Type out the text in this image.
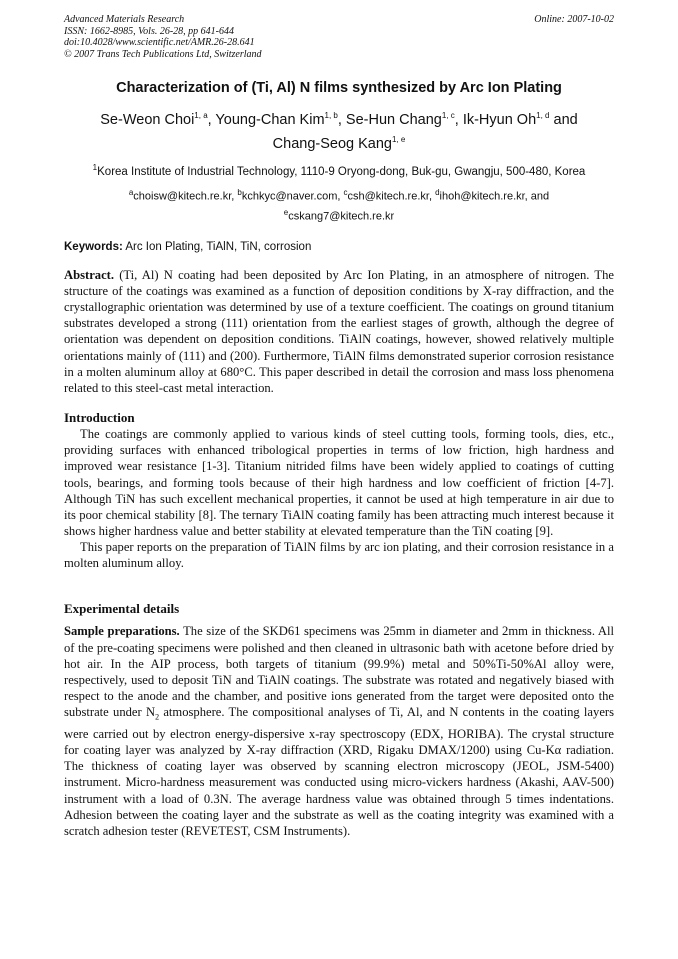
Advanced Materials Research
ISSN: 1662-8985, Vols. 26-28, pp 641-644
doi:10.4028/www.scientific.net/AMR.26-28.641
© 2007 Trans Tech Publications Ltd, Switzerland
Online: 2007-10-02
Characterization of (Ti, Al) N films synthesized by Arc Ion Plating
Se-Weon Choi$^{1, a}$, Young-Chan Kim$^{1, b}$, Se-Hun Chang$^{1, c}$, Ik-Hyun Oh$^{1, d}$ and
Chang-Seog Kang$^{1, e}$
$^1$Korea Institute of Industrial Technology, 1110-9 Oryong-dong, Buk-gu, Gwangju, 500-480, Korea
$^a$choisw@kitech.re.kr, $^b$kchkyc@naver.com, $^c$csh@kitech.re.kr, $^d$ihoh@kitech.re.kr, and
$^e$cskang7@kitech.re.kr
Keywords: Arc Ion Plating, TiAlN, TiN, corrosion
Abstract. (Ti, Al) N coating had been deposited by Arc Ion Plating, in an atmosphere of nitrogen. The structure of the coatings was examined as a function of deposition conditions by X-ray diffraction, and the crystallographic orientation was determined by use of a texture coefficient. The coatings on ground titanium substrates developed a strong (111) orientation from the earliest stages of growth, although the degree of orientation was dependent on deposition conditions. TiAlN coatings, however, showed relatively multiple orientations mainly of (111) and (200). Furthermore, TiAlN films demonstrated superior corrosion resistance in a molten aluminum alloy at 680°C. This paper described in detail the corrosion and mass loss phenomena related to this steel-cast metal interaction.
Introduction
The coatings are commonly applied to various kinds of steel cutting tools, forming tools, dies, etc., providing surfaces with enhanced tribological properties in terms of low friction, high hardness and improved wear resistance [1-3]. Titanium nitrided films have been widely applied to coatings of cutting tools, bearings, and forming tools because of their high hardness and low coefficient of friction [4-7]. Although TiN has such excellent mechanical properties, it cannot be used at high temperature in air due to its poor chemical stability [8]. The ternary TiAlN coating family has been attracting much interest because it shows higher hardness value and better stability at elevated temperature than the TiN coating [9].
This paper reports on the preparation of TiAlN films by arc ion plating, and their corrosion resistance in a molten aluminum alloy.
Experimental details
Sample preparations. The size of the SKD61 specimens was 25mm in diameter and 2mm in thickness. All of the pre-coating specimens were polished and then cleaned in ultrasonic bath with acetone before dried by hot air. In the AIP process, both targets of titanium (99.9%) metal and 50%Ti-50%Al alloy were, respectively, used to deposit TiN and TiAlN coatings. The substrate was rotated and negatively biased with respect to the anode and the chamber, and positive ions generated from the target were deposited onto the substrate under $N_2$ atmosphere. The compositional analyses of Ti, Al, and N contents in the coating layers were carried out by electron energy-dispersive x-ray spectroscopy (EDX, HORIBA). The crystal structure for coating layer was analyzed by X-ray diffraction (XRD, Rigaku DMAX/1200) using Cu-Kα radiation. The thickness of coating layer was observed by scanning electron microscopy (JEOL, JSM-5400) instrument. Micro-hardness measurement was conducted using micro-vickers hardness (Akashi, AAV-500) instrument with a load of 0.3N. The average hardness value was obtained through 5 times indentations. Adhesion between the coating layer and the substrate as well as the coating integrity was examined with a scratch adhesion tester (REVETEST, CSM Instruments).
